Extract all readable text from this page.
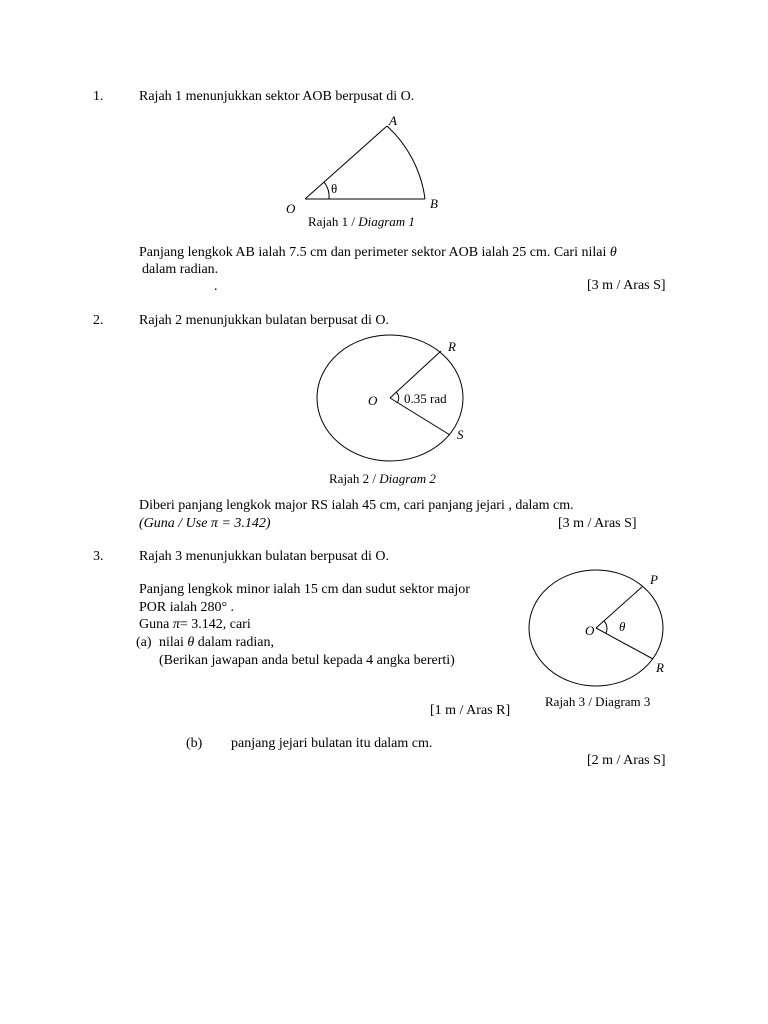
1.	Rajah 1 menunjukkan sektor AOB berpusat di O.
A
B
O
θ
Rajah 1 / Diagram 1
Panjang lengkok AB ialah 7.5 cm dan perimeter sektor AOB ialah 25 cm. Cari nilai θ
dalam radian.
.	[3 m / Aras S]
2.	Rajah 2 menunjukkan bulatan berpusat di O.
R
S
O 0.35 rad
Rajah 2 / Diagram 2
Diberi panjang lengkok major RS ialah 45 cm, cari panjang jejari , dalam cm.
(Guna / Use π = 3.142)	[3 m / Aras S]
3.	Rajah 3 menunjukkan bulatan berpusat di O.
Panjang lengkok minor ialah 15 cm dan sudut sektor major
POR ialah 280° .
Guna π= 3.142, cari
(a) nilai θ dalam radian,
(Berikan jawapan anda betul kepada 4 angka bererti)
[1 m / Aras R]
P
R
O θ
Rajah 3 / Diagram 3
(b) panjang jejari bulatan itu dalam cm.
[2 m / Aras S]
